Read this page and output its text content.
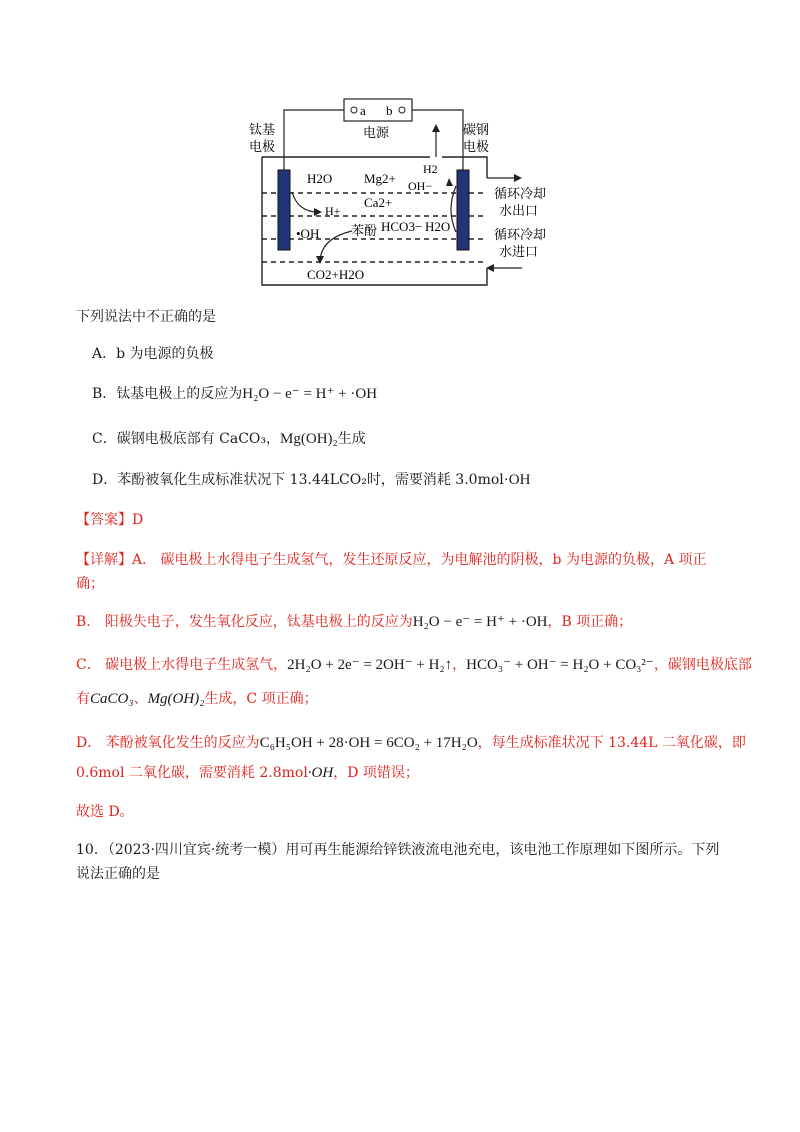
a b
电源
钛基
电极
碳钢
电极
H2O Mg2+ OH−
H2
Ca2+
H+
•OH 苯酚 HCO3− H2O
CO2+H2O
循环冷却
水出口
循环冷却
水进口
下列说法中不正确的是
A．b 为电源的负极
B．钛基电极上的反应为H₂O − e⁻ = H⁺ + ·OH
C．碳钢电极底部有 CaCO₃，Mg(OH)₂生成
D．苯酚被氧化生成标准状况下 13.44LCO₂时，需要消耗 3.0mol·OH
【答案】D
【详解】A． 碳电极上水得电子生成氢气，发生还原反应，为电解池的阴极，b 为电源的负极，A 项正
确；
B． 阳极失电子，发生氧化反应，钛基电极上的反应为H₂O − e⁻ = H⁺ + ·OH，B 项正确；
C． 碳电极上水得电子生成氢气，2H₂O + 2e⁻ = 2OH⁻ + H₂↑，HCO₃⁻ + OH⁻ = H₂O + CO₃²⁻，碳钢电极底部
有CaCO₃、Mg(OH)₂生成，C 项正确；
D． 苯酚被氧化发生的反应为C₆H₅OH + 28·OH = 6CO₂ + 17H₂O，每生成标准状况下 13.44L 二氧化碳，即
0.6mol 二氧化碳，需要消耗 2.8mol·OH，D 项错误；
故选 D。
10．（2023·四川宜宾·统考一模）用可再生能源给锌铁液流电池充电，该电池工作原理如下图所示。下列
说法正确的是
